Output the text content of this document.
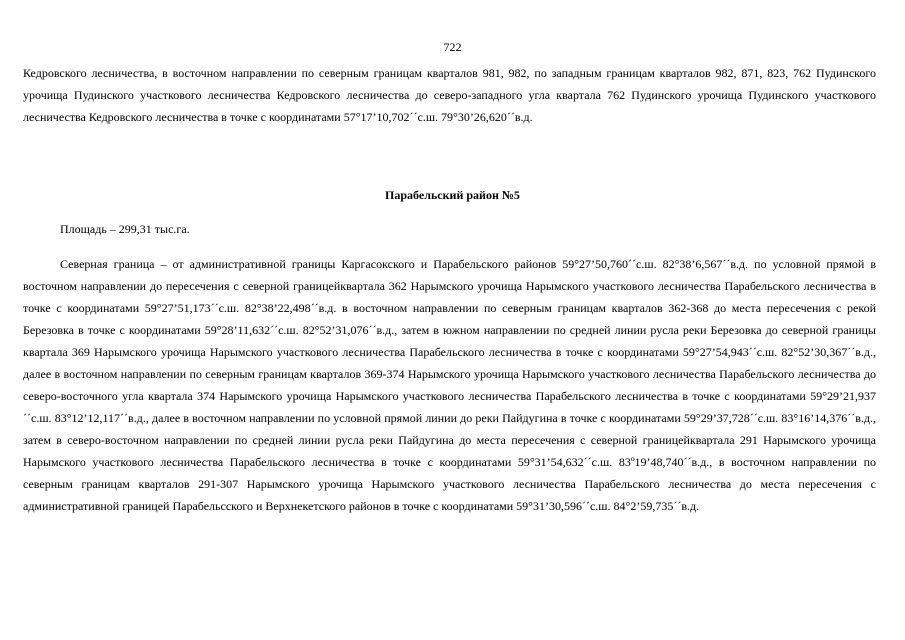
722

Кедровского лесничества, в восточном направлении по северным границам кварталов 981, 982, по западным границам кварталов 982, 871, 823, 762 Пудинского урочища Пудинского участкового лесничества Кедровского лесничества до северо-западного угла квартала 762 Пудинского урочища Пудинского участкового лесничества Кедровского лесничества в точке с координатами 57°17’10,702´´с.ш. 79°30’26,620´´в.д.

Парабельский район №5

Площадь – 299,31 тыс.га.

Северная граница – от административной границы Каргасокского и Парабельского районов 59°27’50,760´´с.ш. 82°38’6,567´´в.д. по условной прямой в восточном направлении до пересечения с северной границейквартала 362 Нарымского урочища Нарымского участкового лесничества Парабельского лесничества в точке с координатами 59°27’51,173´´с.ш. 82°38’22,498´´в.д. в восточном направлении по северным границам кварталов 362-368 до места пересечения с рекой Березовка в точке с координатами 59°28’11,632´´с.ш. 82°52’31,076´´в.д., затем в южном направлении по средней линии русла реки Березовка до северной границы квартала 369 Нарымского урочища Нарымского участкового лесничества Парабельского лесничества в точке с координатами 59°27’54,943´´с.ш. 82°52’30,367´´в.д., далее в восточном направлении по северным границам кварталов 369-374 Нарымского урочища Нарымского участкового лесничества Парабельского лесничества до северо-восточного угла квартала 374 Нарымского урочища Нарымского участкового лесничества Парабельского лесничества в точке с координатами 59°29’21,937´´с.ш. 83°12’12,117´´в.д., далее в восточном направлении по условной прямой линии до реки Пайдугина в точке с координатами 59°29’37,728´´с.ш. 83°16’14,376´´в.д., затем в северо-восточном направлении по средней линии русла реки Пайдугина до места пересечения с северной границейквартала 291 Нарымского урочища Нарымского участкового лесничества Парабельского лесничества в точке с координатами 59°31’54,632´´с.ш. 83º19’48,740´´в.д., в восточном направлении по северным границам кварталов 291-307 Нарымского урочища Нарымского участкового лесничества Парабельского лесничества до места пересечения с административной границей Парабельсского и Верхнекетского районов в точке с координатами 59°31’30,596´´с.ш. 84°2’59,735´´в.д.
